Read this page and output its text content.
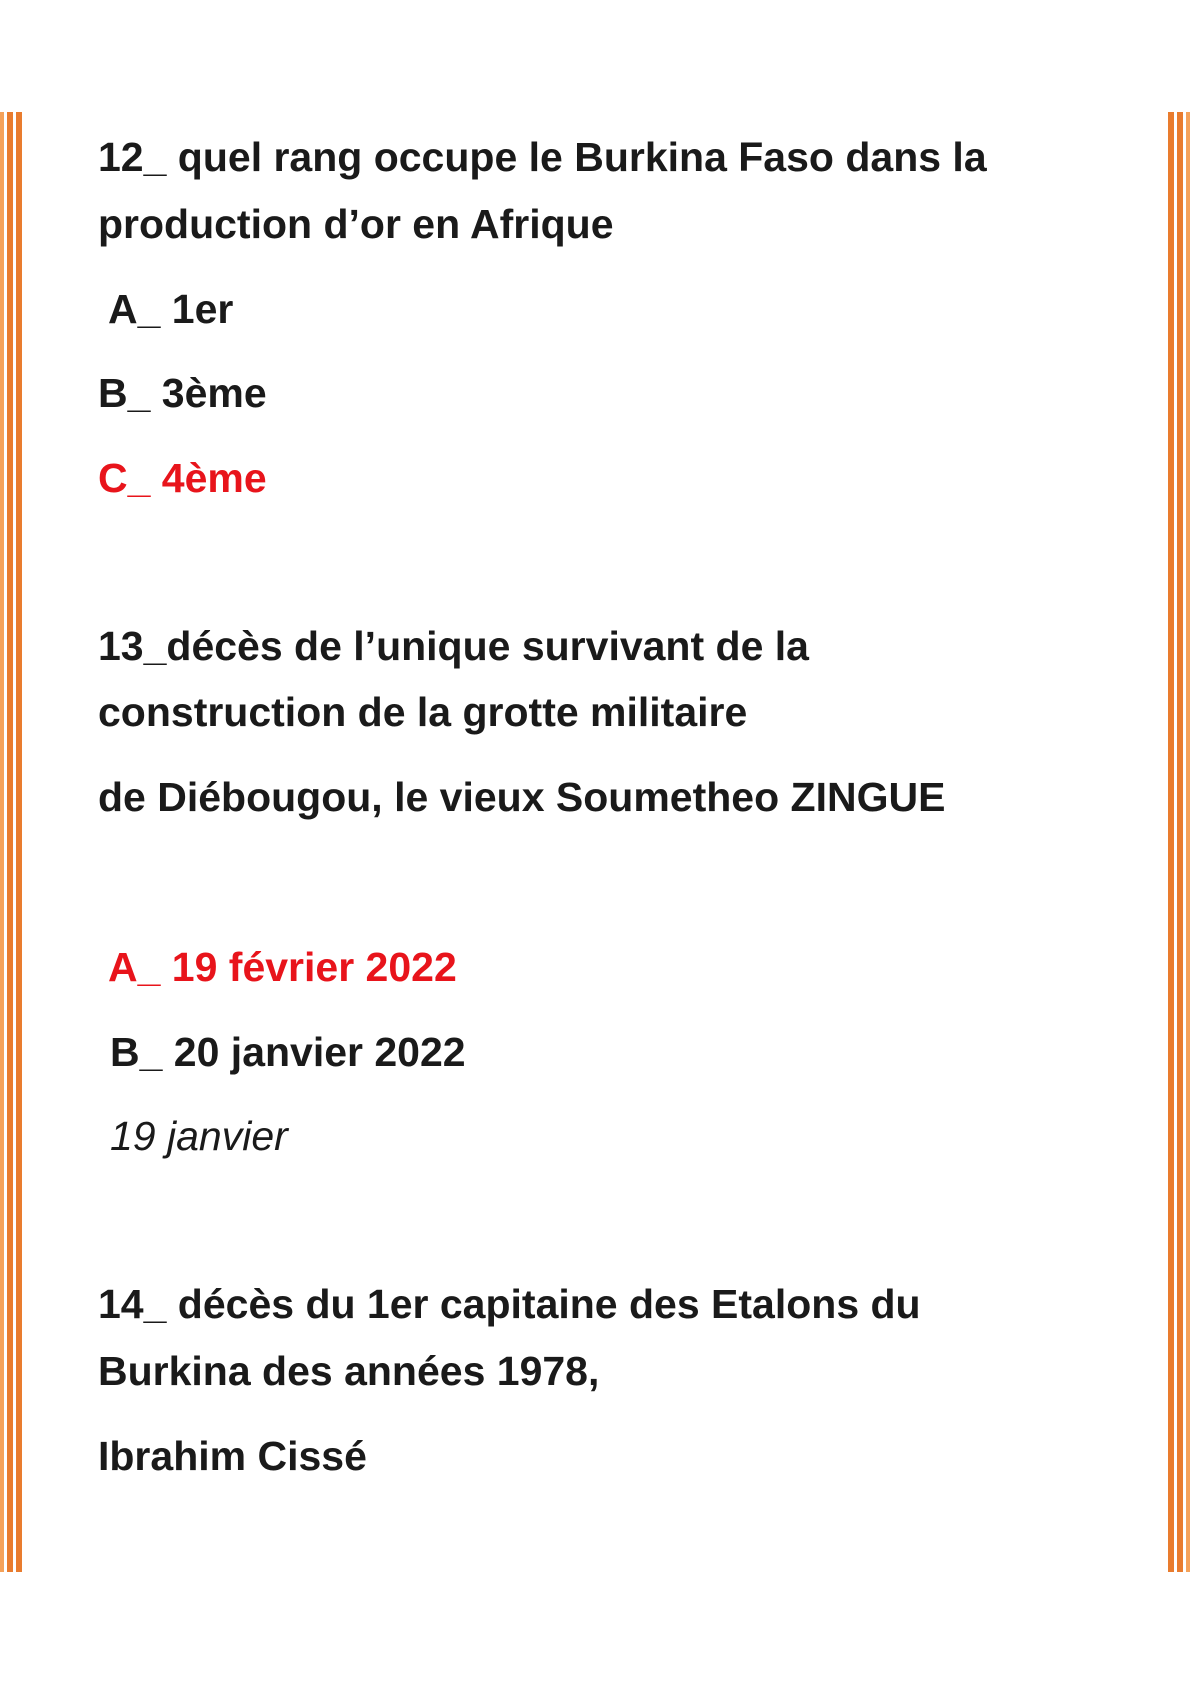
12_ quel rang occupe le Burkina Faso dans la

production d’or en Afrique

A_ 1er

B_ 3ème

C_ 4ème

13_décès de l’unique survivant de la

construction de la grotte militaire

de Diébougou, le vieux Soumetheo ZINGUE

A_ 19 février 2022

B_ 20 janvier 2022

19 janvier

14_ décès du 1er capitaine des Etalons du

Burkina des années 1978,

Ibrahim Cissé
